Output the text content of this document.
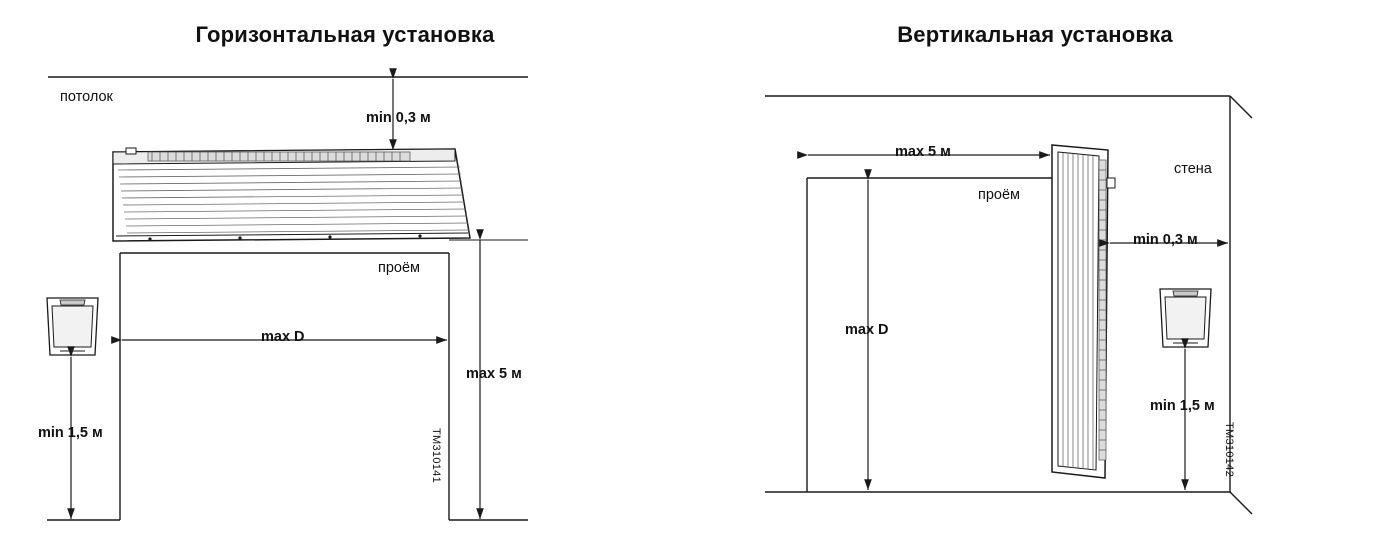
Горизонтальная установка
потолок
min 0,3 м
проём
max D
max 5 м
min 1,5 м	TM310141
Вертикальная установка
стена
проём
max 5 м
min 0,3 м
max D
min 1,5 м
TM310142
